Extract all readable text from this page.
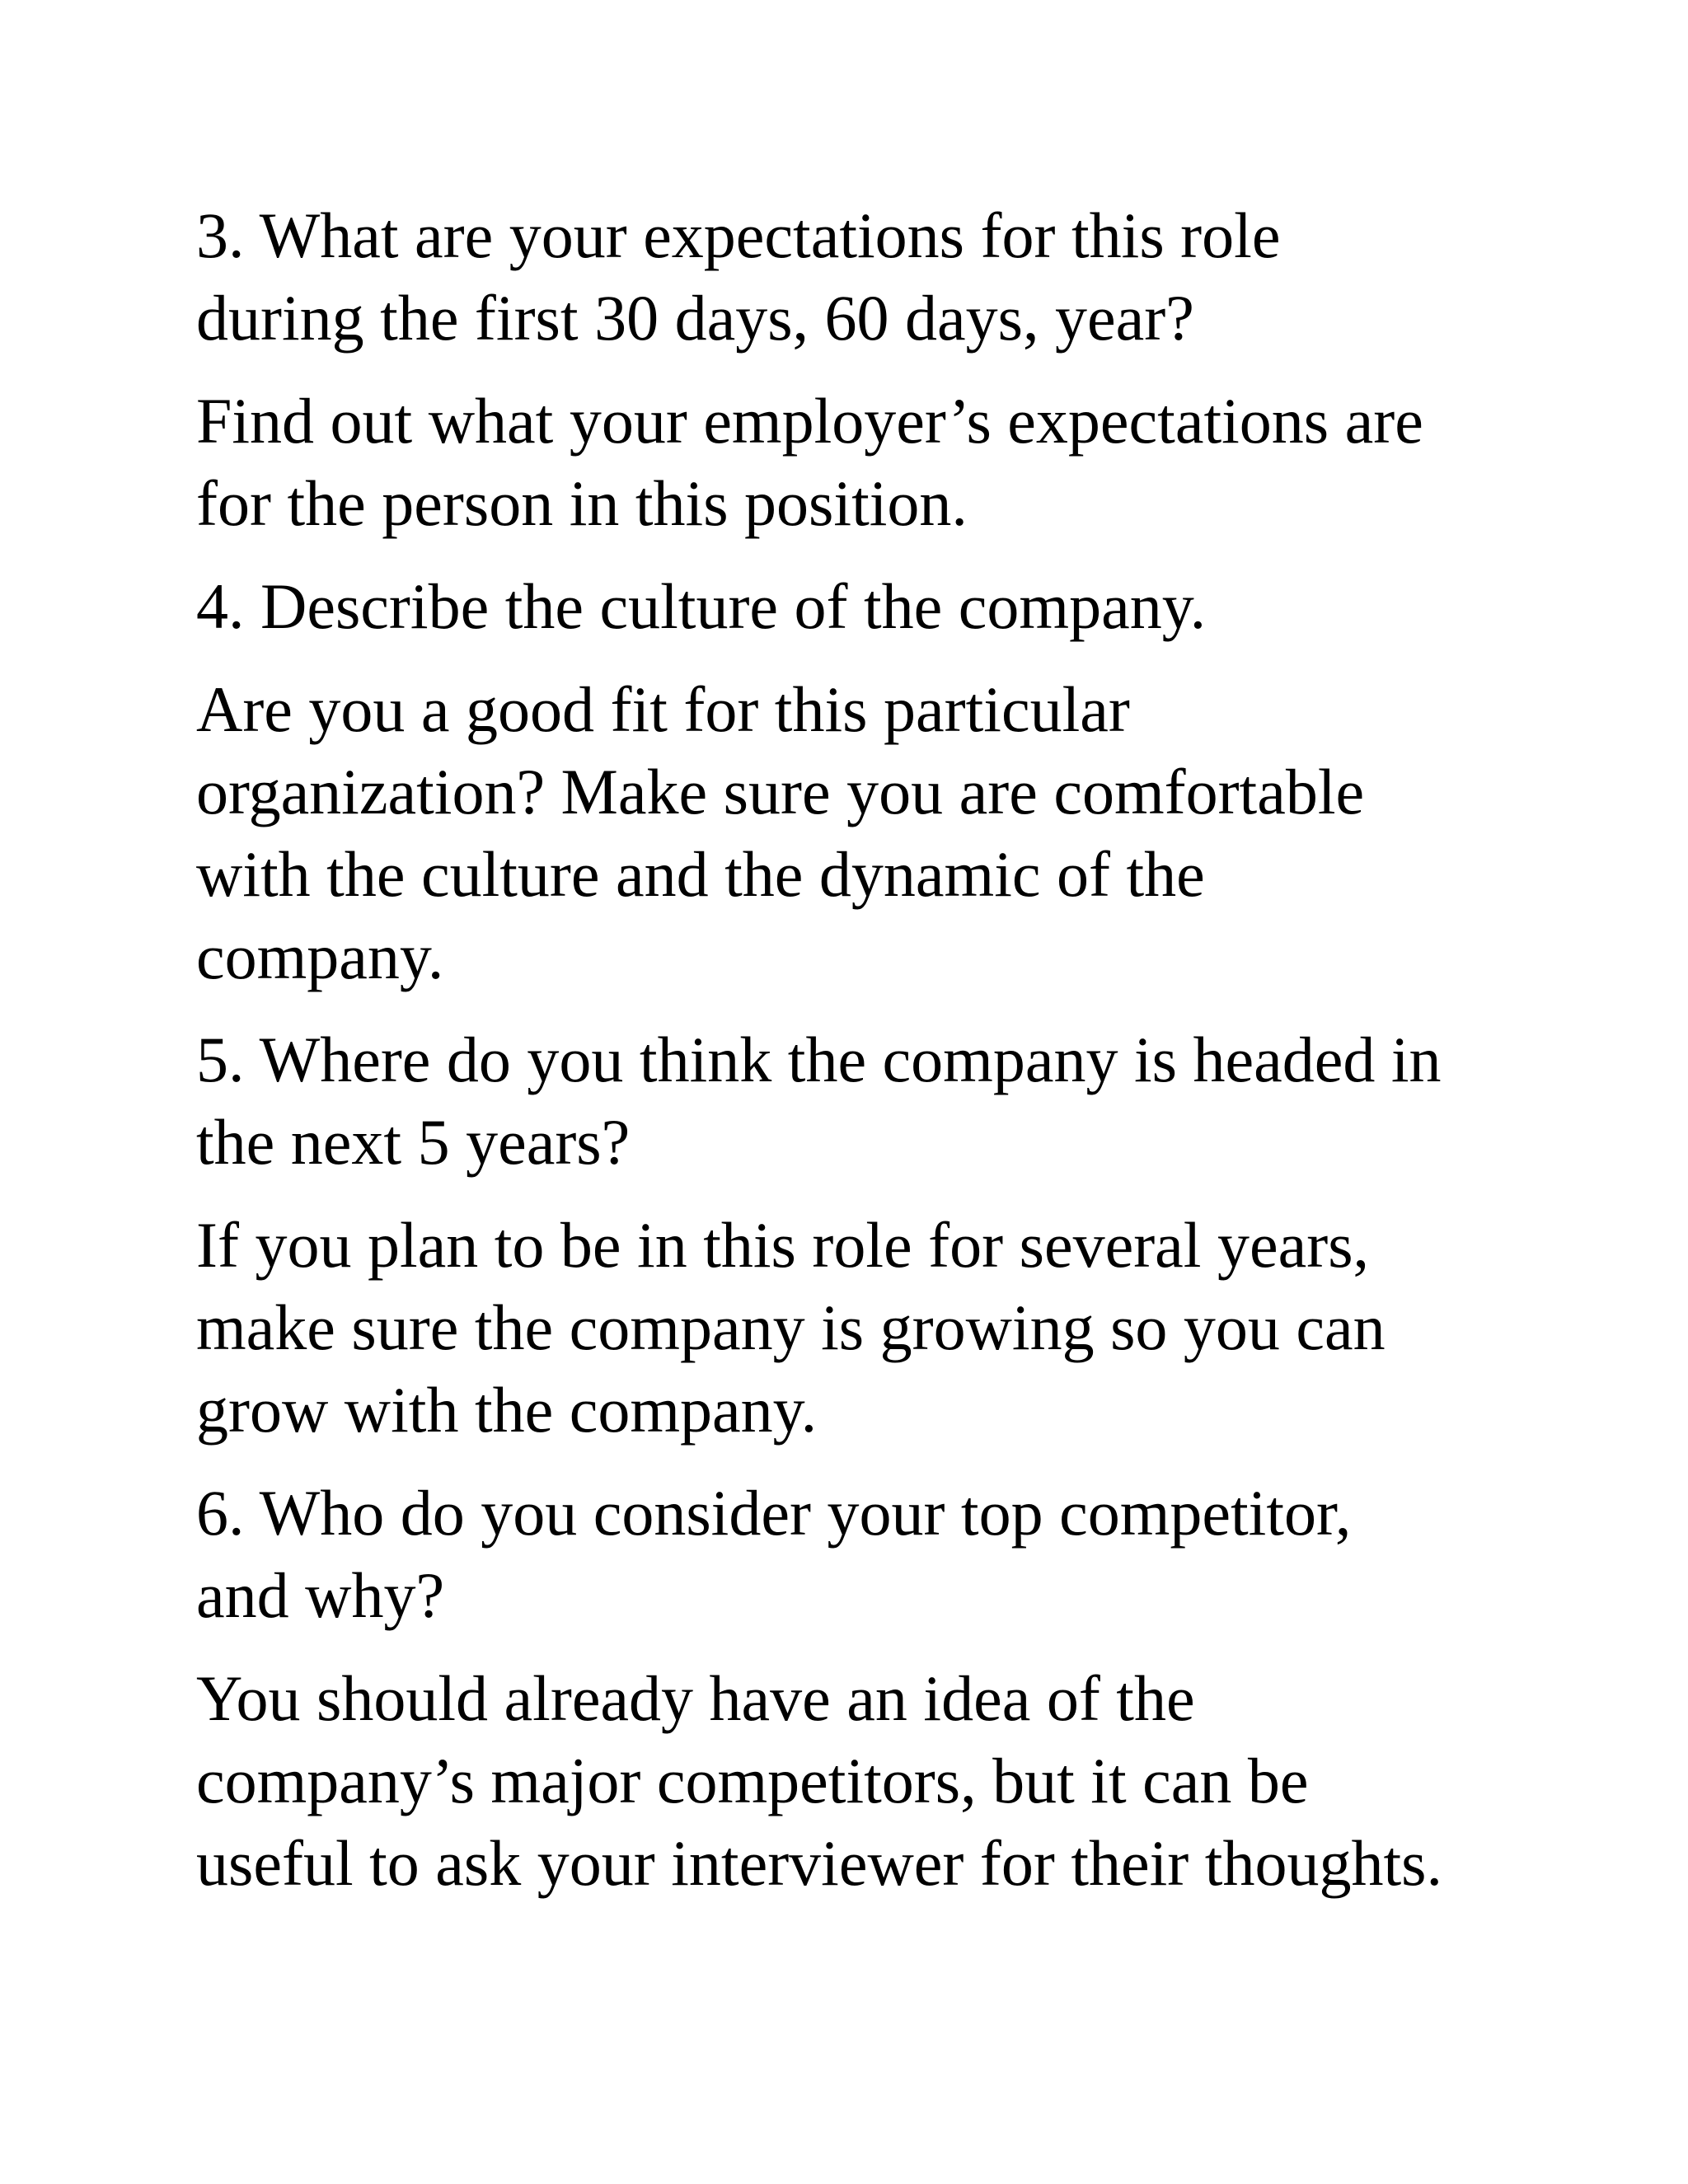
3. What are your expectations for this role
during the first 30 days, 60 days, year?

Find out what your employer’s expectations are
for the person in this position.

4. Describe the culture of the company.

Are you a good fit for this particular
organization? Make sure you are comfortable
with the culture and the dynamic of the
company.

5. Where do you think the company is headed in
the next 5 years?

If you plan to be in this role for several years,
make sure the company is growing so you can
grow with the company.

6. Who do you consider your top competitor,
and why?

You should already have an idea of the
company’s major competitors, but it can be
useful to ask your interviewer for their thoughts.
